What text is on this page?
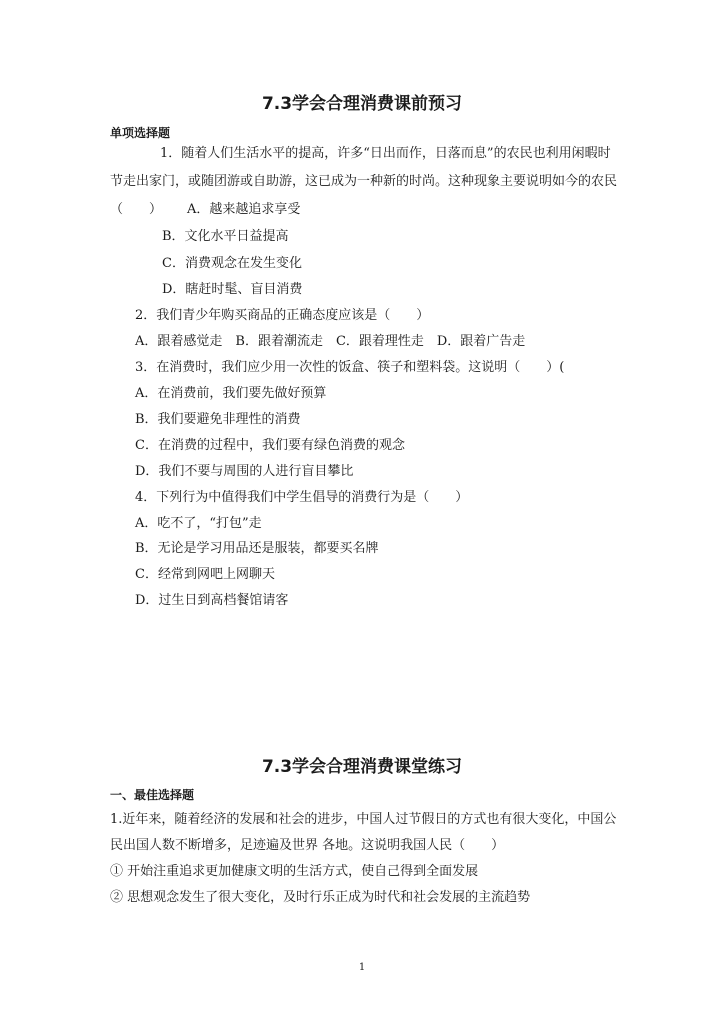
7.3学会合理消费课前预习
单项选择题
1．随着人们生活水平的提高，许多“日出而作，日落而息”的农民也利用闲暇时
节走出家门，或随团游或自助游，这已成为一种新的时尚。这种现象主要说明如今的农民
（　　） A．越来越追求享受
B．文化水平日益提高
C．消费观念在发生变化
D．瞎赶时髦、盲目消费
2．我们青少年购买商品的正确态度应该是（　　）
A．跟着感觉走　B．跟着潮流走　C．跟着理性走　D．跟着广告走
3．在消费时，我们应少用一次性的饭盒、筷子和塑料袋。这说明（　　）(
A．在消费前，我们要先做好预算
B．我们要避免非理性的消费
C．在消费的过程中，我们要有绿色消费的观念
D．我们不要与周围的人进行盲目攀比
4．下列行为中值得我们中学生倡导的消费行为是（　　）
A．吃不了，“打包”走
B．无论是学习用品还是服装，都要买名牌
C．经常到网吧上网聊天
D．过生日到高档餐馆请客
7.3学会合理消费课堂练习
一、最佳选择题
1.近年来，随着经济的发展和社会的进步，中国人过节假日的方式也有很大变化，中国公
民出国人数不断增多，足迹遍及世界 各地。这说明我国人民（　　）
① 开始注重追求更加健康文明的生活方式，使自己得到全面发展
② 思想观念发生了很大变化，及时行乐正成为时代和社会发展的主流趋势
1
